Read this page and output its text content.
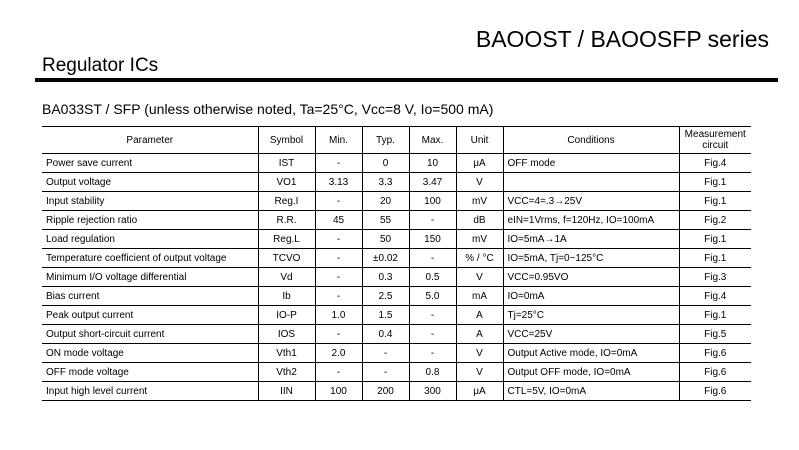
BAOOST / BAOOSFP series
Regulator ICs
BA033ST / SFP (unless otherwise noted, Ta=25°C, Vcc=8 V, Io=500 mA)
Parameter	Symbol	Min.	Typ.	Max.	Unit	Conditions	Measurement circuit
Power save current	IST	-	0	10	μA	OFF mode	Fig.4
Output voltage	VO1	3.13	3.3	3.47	V		Fig.1
Input stability	Reg.I	-	20	100	mV	VCC=4=.3→25V	Fig.1
Ripple rejection ratio	R.R.	45	55	-	dB	eIN=1Vrms, f=120Hz, IO=100mA	Fig.2
Load regulation	Reg.L	-	50	150	mV	IO=5mA→1A	Fig.1
Temperature coefficient of output voltage	TCVO	-	±0.02	-	% / °C	IO=5mA, Tj=0~125°C	Fig.1
Minimum I/O voltage differential	Vd	-	0.3	0.5	V	VCC=0.95VO	Fig.3
Bias current	Ib	-	2.5	5.0	mA	IO=0mA	Fig.4
Peak output current	IO-P	1.0	1.5	-	A	Tj=25°C	Fig.1
Output short-circuit current	IOS	-	0.4	-	A	VCC=25V	Fig.5
ON mode voltage	Vth1	2.0	-	-	V	Output Active mode, IO=0mA	Fig.6
OFF mode voltage	Vth2	-	-	0.8	V	Output OFF mode, IO=0mA	Fig.6
Input high level current	IIN	100	200	300	μA	CTL=5V, IO=0mA	Fig.6
